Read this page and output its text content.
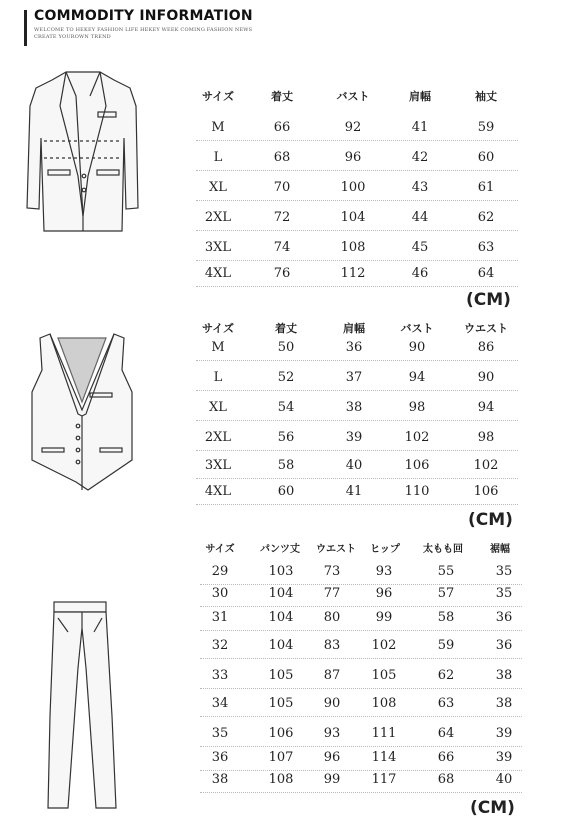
COMMODITY INFORMATION
WELCOME TO HEKEY FASHION LIFE HEKEY WEEK COMING FASHION NEWS
CREATE YOUROWN TREND
サイズ	着丈	バスト	肩幅	袖丈
M	66	92	41	59
L	68	96	42	60
XL	70	100	43	61
2XL	72	104	44	62
3XL	74	108	45	63
4XL	76	112	46	64
(CM)
サイズ	着丈	肩幅	バスト	ウエスト
M	50	36	90	86
L	52	37	94	90
XL	54	38	98	94
2XL	56	39	102	98
3XL	58	40	106	102
4XL	60	41	110	106
(CM)
サイズ	パンツ丈	ウエスト	ヒップ	太もも回	裾幅
29	103	73	93	55	35
30	104	77	96	57	35
31	104	80	99	58	36
32	104	83	102	59	36
33	105	87	105	62	38
34	105	90	108	63	38
35	106	93	111	64	39
36	107	96	114	66	39
38	108	99	117	68	40
(CM)
